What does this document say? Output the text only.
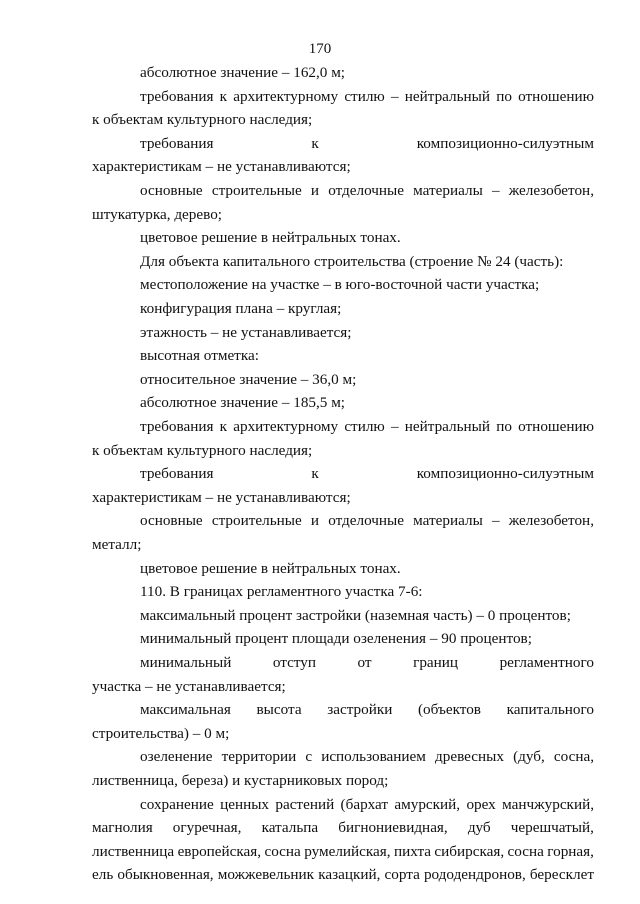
170
абсолютное значение – 162,0 м;
требования к архитектурному стилю – нейтральный по отношению
к объектам культурного наследия;
требования	к	композиционно-силуэтным
характеристикам – не устанавливаются;
основные строительные и отделочные материалы – железобетон,
штукатурка, дерево;
цветовое решение в нейтральных тонах.
Для объекта капитального строительства (строение № 24 (часть):
местоположение на участке – в юго-восточной части участка;
конфигурация плана – круглая;
этажность – не устанавливается;
высотная отметка:
относительное значение – 36,0 м;
абсолютное значение – 185,5 м;
требования к архитектурному стилю – нейтральный по отношению
к объектам культурного наследия;
требования	к	композиционно-силуэтным
характеристикам – не устанавливаются;
основные строительные и отделочные материалы – железобетон,
металл;
цветовое решение в нейтральных тонах.
110. В границах регламентного участка 7-6:
максимальный процент застройки (наземная часть) – 0 процентов;
минимальный процент площади озеленения – 90 процентов;
минимальный	отступ	от	границ	регламентного
участка – не устанавливается;
максимальная высота застройки (объектов капитального
строительства) – 0 м;
озеленение территории с использованием древесных (дуб, сосна,
лиственница, береза) и кустарниковых пород;
сохранение ценных растений (бархат амурский, орех манчжурский,
магнолия огуречная, катальпа бигнониевидная, дуб черешчатый,
лиственница европейская, сосна румелийская, пихта сибирская, сосна горная,
ель обыкновенная, можжевельник казацкий, сорта рододендронов, бересклет
